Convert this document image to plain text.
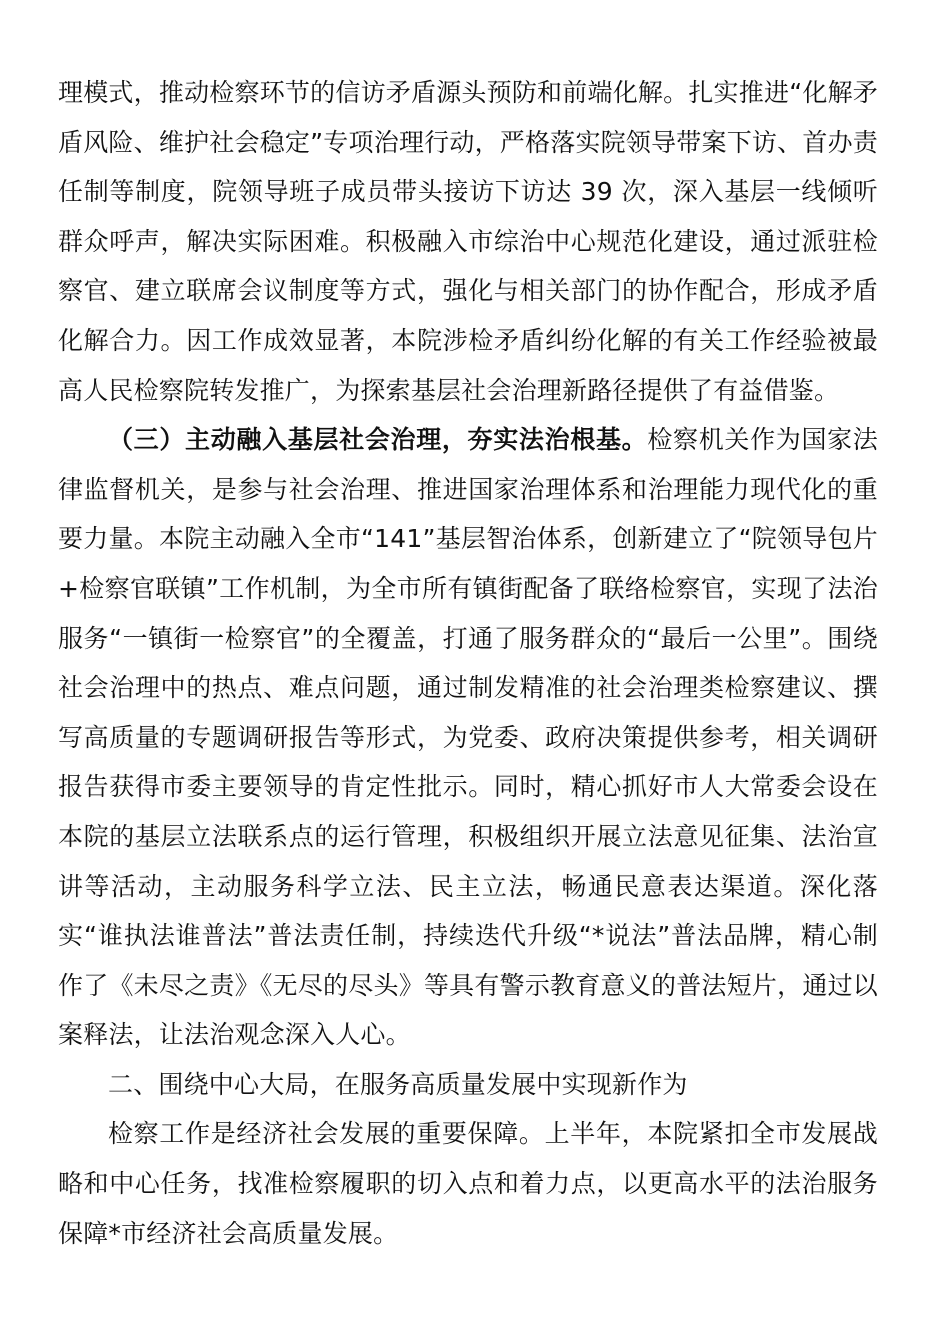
理模式，推动检察环节的信访矛盾源头预防和前端化解。扎实推进“化解矛盾风险、维护社会稳定”专项治理行动，严格落实院领导带案下访、首办责任制等制度，院领导班子成员带头接访下访达 39 次，深入基层一线倾听群众呼声，解决实际困难。积极融入市综治中心规范化建设，通过派驻检察官、建立联席会议制度等方式，强化与相关部门的协作配合，形成矛盾化解合力。因工作成效显著，本院涉检矛盾纠纷化解的有关工作经验被最高人民检察院转发推广，为探索基层社会治理新路径提供了有益借鉴。

（三）主动融入基层社会治理，夯实法治根基。检察机关作为国家法律监督机关，是参与社会治理、推进国家治理体系和治理能力现代化的重要力量。本院主动融入全市“141”基层智治体系，创新建立了“院领导包片+检察官联镇”工作机制，为全市所有镇街配备了联络检察官，实现了法治服务“一镇街一检察官”的全覆盖，打通了服务群众的“最后一公里”。围绕社会治理中的热点、难点问题，通过制发精准的社会治理类检察建议、撰写高质量的专题调研报告等形式，为党委、政府决策提供参考，相关调研报告获得市委主要领导的肯定性批示。同时，精心抓好市人大常委会设在本院的基层立法联系点的运行管理，积极组织开展立法意见征集、法治宣讲等活动，主动服务科学立法、民主立法，畅通民意表达渠道。深化落实“谁执法谁普法”普法责任制，持续迭代升级“*说法”普法品牌，精心制作了《未尽之责》《无尽的尽头》等具有警示教育意义的普法短片，通过以案释法，让法治观念深入人心。

二、围绕中心大局，在服务高质量发展中实现新作为

检察工作是经济社会发展的重要保障。上半年，本院紧扣全市发展战略和中心任务，找准检察履职的切入点和着力点，以更高水平的法治服务保障*市经济社会高质量发展。
